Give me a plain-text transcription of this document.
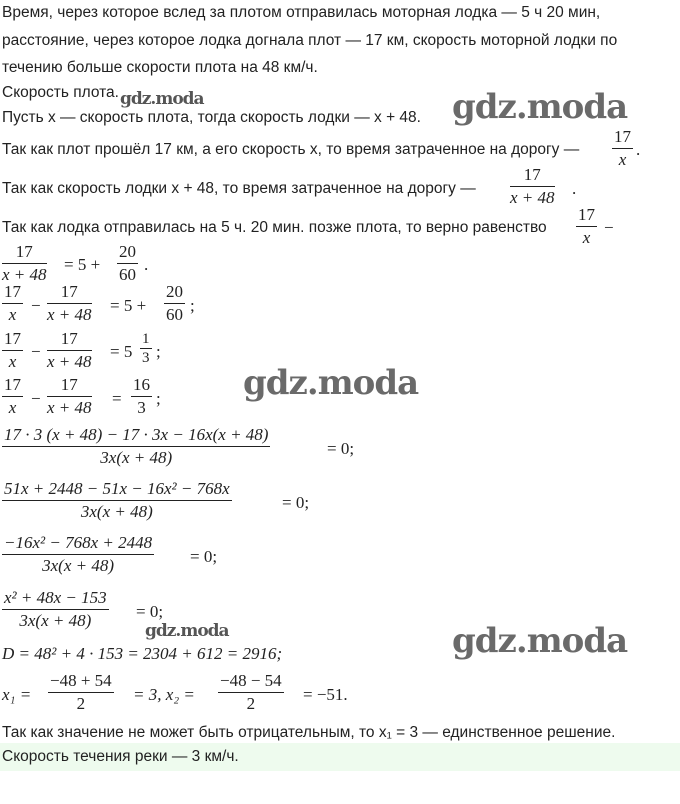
Время, через которое вслед за плотом отправилась моторная лодка — 5 ч 20 мин,
расстояние, через которое лодка догнала плот — 17 км, скорость моторной лодки по
течению больше скорости плота на 48 км/ч.
Скорость плота. gdz.moda	gdz.moda
Пусть x — скорость плота, тогда скорость лодки — x + 48.
Так как плот прошёл 17 км, а его скорость x, то время затраченное на дорогу — $\frac{17}{x}$ .
Так как скорость лодки x + 48, то время затраченное на дорогу — $\frac{17}{x + 48}$ .
Так как лодка отправилась на 5 ч. 20 мин. позже плота, то верно равенство $\frac{17}{x}$ −
$\frac{17}{x + 48} = 5 + \frac{20}{60}$ .
$\frac{17}{x} - \frac{17}{x + 48} = 5 + \frac{20}{60}$ ;
$\frac{17}{x} - \frac{17}{x + 48} = 5 \frac{1}{3}$ ;
$\frac{17}{x} - \frac{17}{x + 48} = \frac{16}{3}$ ; gdz.moda
$\frac{17 \cdot 3 (x + 48) - 17 \cdot 3x - 16x(x + 48)}{3x(x + 48)}$	= 0;
$\frac{\text{51x + 2448 − 51x − 16x² − 768x}}{3x(x + 48)}$	= 0;
$\frac{\text{−16x² − 768x + 2448}}{3x(x + 48)} = 0$;
$\frac{\text{x² + 48x − 153}}{3x(x + 48)} = 0$;
gdz.moda	gdz.moda
D = 48² + 4 · 153 = 2304 + 612 = 2916;
$x_1 = \frac{-48 + 54}{2} = 3$, $x_2 = \frac{-48 - 54}{2} = -51$.
Так как значение не может быть отрицательным, то x₁ = 3 — единственное решение.
Скорость течения реки — 3 км/ч.
